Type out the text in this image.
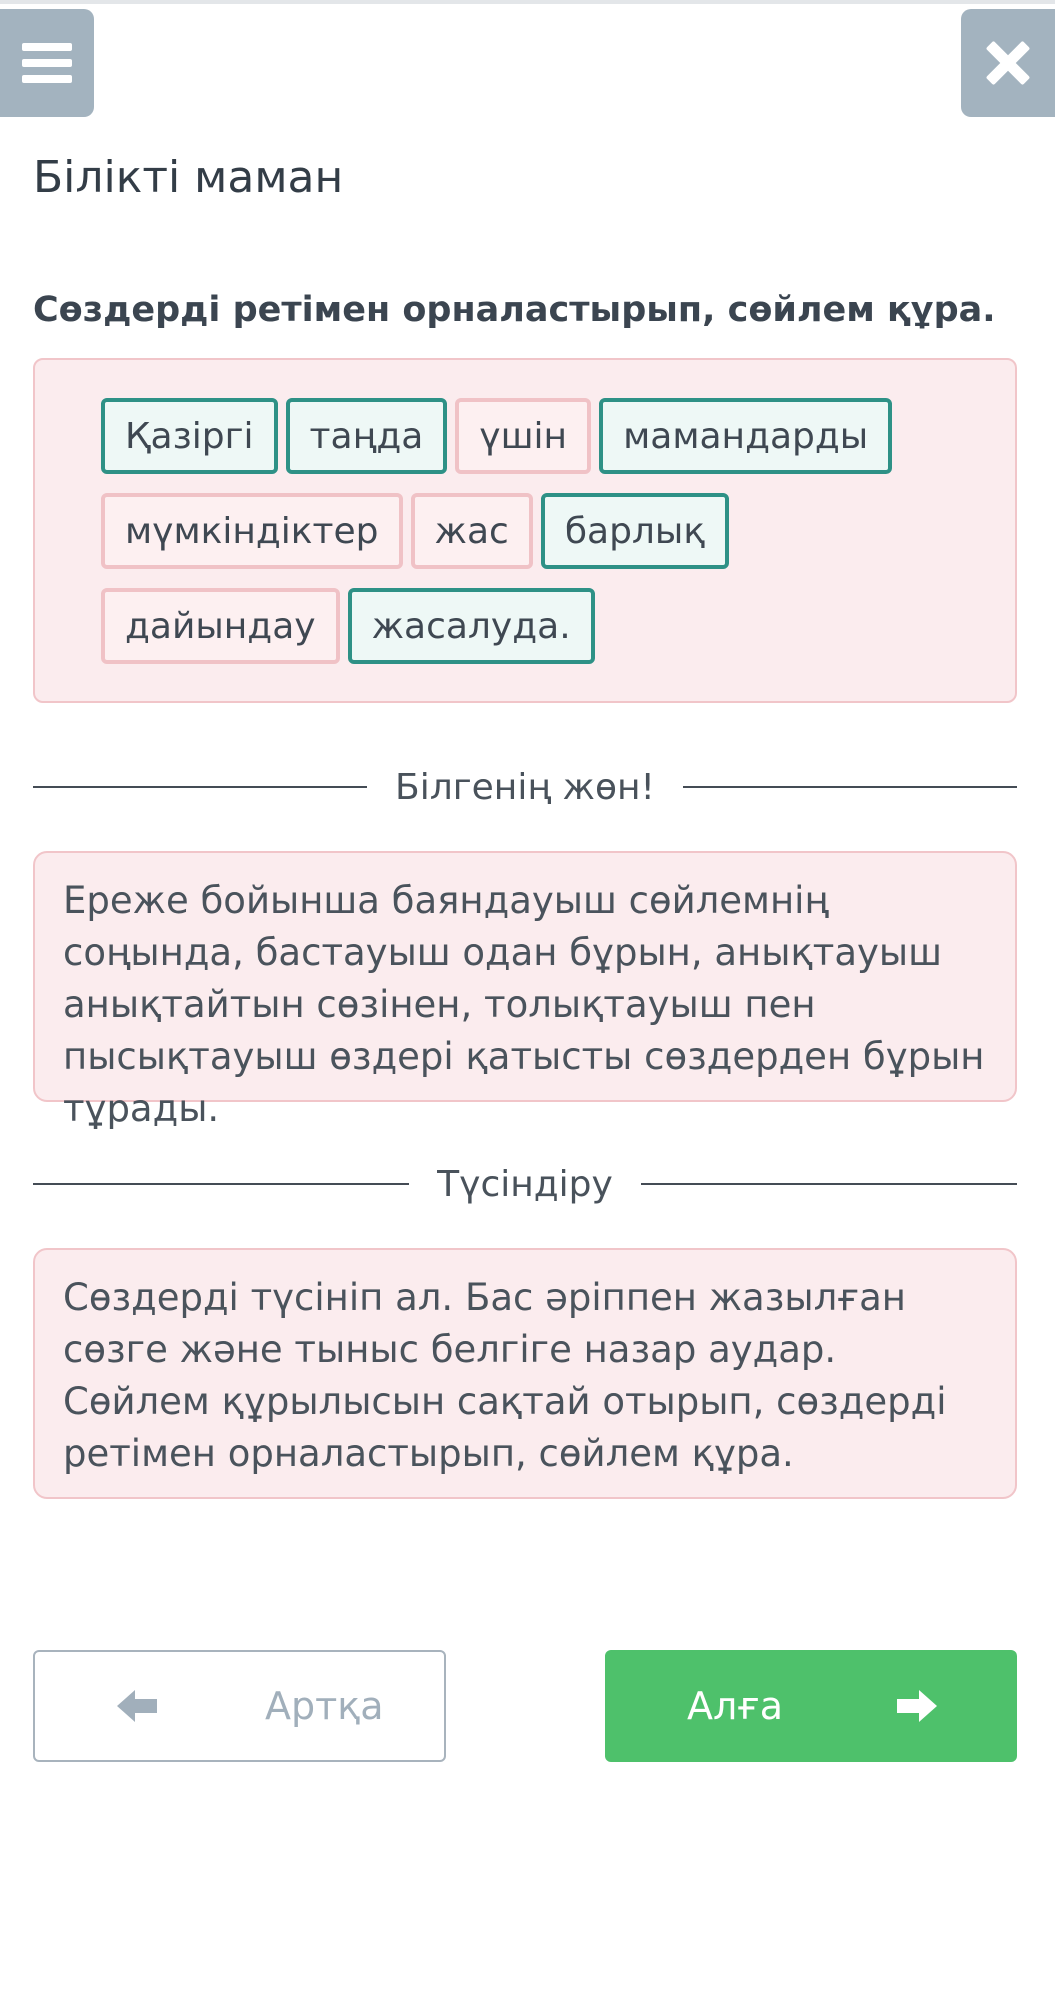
Білікті маман
Сөздерді ретімен орналастырып, сөйлем құра.
Қазіргі	таңда	үшін	мамандарды
мүмкіндіктер	жас	барлық
дайындау	жасалуда.
Білгенің жөн!

Ереже бойынша баяндауыш сөйлемнің соңында, бастауыш одан бұрын, анықтауыш анықтайтын сөзінен, толықтауыш пен пысықтауыш өздері қатысты сөздерден бұрын тұрады.

Түсіндіру

Сөздерді түсініп ал. Бас әріппен жазылған сөзге және тыныс белгіге назар аудар. Сөйлем құрылысын сақтай отырып, сөздерді ретімен орналастырып, сөйлем құра.

Артқа	Алға
